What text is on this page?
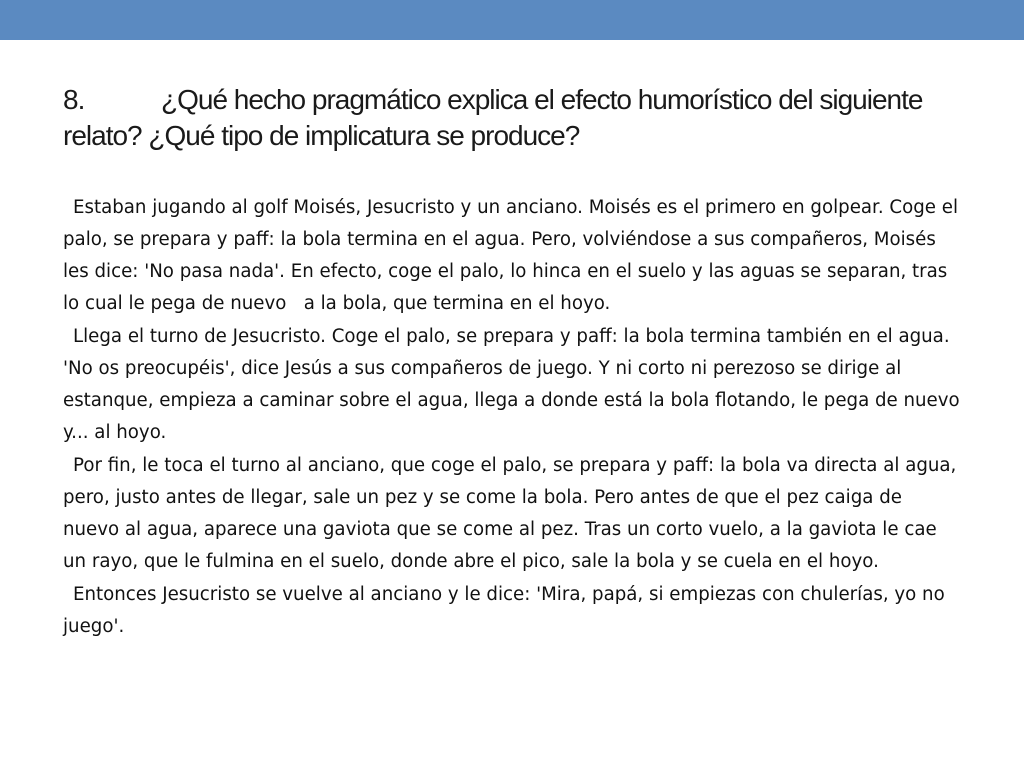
8.	¿Qué hecho pragmático explica el efecto humorístico del siguiente relato? ¿Qué tipo de implicatura se produce?

Estaban jugando al golf Moisés, Jesucristo y un anciano. Moisés es el primero en golpear. Coge el palo, se prepara y paff: la bola termina en el agua. Pero, volviéndose a sus compañeros, Moisés les dice: 'No pasa nada'. En efecto, coge el palo, lo hinca en el suelo y las aguas se separan, tras lo cual le pega de nuevo   a la bola, que termina en el hoyo.

Llega el turno de Jesucristo. Coge el palo, se prepara y paff: la bola termina también en el agua. 'No os preocupéis', dice Jesús a sus compañeros de juego. Y ni corto ni perezoso se dirige al estanque, empieza a caminar sobre el agua, llega a donde está la bola flotando, le pega de nuevo y... al hoyo.

Por fin, le toca el turno al anciano, que coge el palo, se prepara y paff: la bola va directa al agua, pero, justo antes de llegar, sale un pez y se come la bola. Pero antes de que el pez caiga de nuevo al agua, aparece una gaviota que se come al pez. Tras un corto vuelo, a la gaviota le cae un rayo, que le fulmina en el suelo, donde abre el pico, sale la bola y se cuela en el hoyo.

Entonces Jesucristo se vuelve al anciano y le dice: 'Mira, papá, si empiezas con chulerías, yo no juego'.
